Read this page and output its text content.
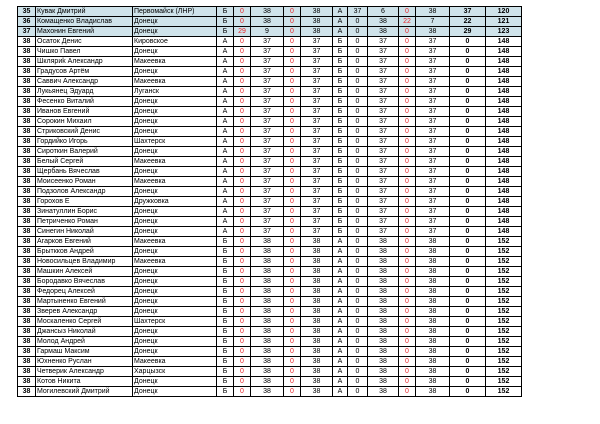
35	Кувак Дмитрий	Первомайск (ЛНР)	Б	0	38	0	38	А	37	6	0	38	37	120
36	Комащенко Владислав	Донецк	Б	0	38	0	38	А	0	38	22	7	22	121
37	Махонин Евгений	Донецк	Б	29	9	0	38	А	0	38	0	38	29	123
38	Осаток Денис	Кировское	А	0	37	0	37	Б	0	37	0	37	0	148
38	Чишко Павел	Донецк	А	0	37	0	37	Б	0	37	0	37	0	148
38	Шкляриk Александр	Макеевка	А	0	37	0	37	Б	0	37	0	37	0	148
38	Градусов Артём	Донецк	А	0	37	0	37	Б	0	37	0	37	0	148
38	Саввич Александр	Макеевка	А	0	37	0	37	Б	0	37	0	37	0	148
38	Лукьянец Эдуард	Луганск	А	0	37	0	37	Б	0	37	0	37	0	148
38	Фесенко Виталий	Донецк	А	0	37	0	37	Б	0	37	0	37	0	148
38	Иванов Евгений	Донецк	А	0	37	0	37	Б	0	37	0	37	0	148
38	Сорокин Михаил	Донецк	А	0	37	0	37	Б	0	37	0	37	0	148
38	Стриковский Денис	Донецк	А	0	37	0	37	Б	0	37	0	37	0	148
38	Гордийко Игорь	Шахтерск	А	0	37	0	37	Б	0	37	0	37	0	148
38	Сироткин Валерий	Донецк	А	0	37	0	37	Б	0	37	0	37	0	148
38	Белый Сергей	Макеевка	А	0	37	0	37	Б	0	37	0	37	0	148
38	Щербань Вячеслав	Донецк	А	0	37	0	37	Б	0	37	0	37	0	148
38	Моисеенко Роман	Макеевка	А	0	37	0	37	Б	0	37	0	37	0	148
38	Подзолов Александр	Донецк	А	0	37	0	37	Б	0	37	0	37	0	148
38	Горохов Е	Дружковка	А	0	37	0	37	Б	0	37	0	37	0	148
38	Зинатуллин Борис	Донецк	А	0	37	0	37	Б	0	37	0	37	0	148
38	Петриченко Роман	Донецк	А	0	37	0	37	Б	0	37	0	37	0	148
38	Синегин Николай	Донецк	А	0	37	0	37	Б	0	37	0	37	0	148
38	Агарков Евгений	Макеевка	Б	0	38	0	38	А	0	38	0	38	0	152
38	Брыткков Андрей	Донецк	Б	0	38	0	38	А	0	38	0	38	0	152
38	Новосильцев Владимир	Макеевка	Б	0	38	0	38	А	0	38	0	38	0	152
38	Машкин Алексей	Донецк	Б	0	38	0	38	А	0	38	0	38	0	152
38	Бородавко Вячеслав	Донецк	Б	0	38	0	38	А	0	38	0	38	0	152
38	Федорец Алексей	Донецк	Б	0	38	0	38	А	0	38	0	38	0	152
38	Мартыненко Евгений	Донецк	Б	0	38	0	38	А	0	38	0	38	0	152
38	Зверев Александр	Донецк	Б	0	38	0	38	А	0	38	0	38	0	152
38	Москаленко Сергей	Шахтерск	Б	0	38	0	38	А	0	38	0	38	0	152
38	Джансыз Николай	Донецк	Б	0	38	0	38	А	0	38	0	38	0	152
38	Молод Андрей	Донецк	Б	0	38	0	38	А	0	38	0	38	0	152
38	Гармаш Максим	Донецк	Б	0	38	0	38	А	0	38	0	38	0	152
38	Юхненко Руслан	Макеевка	Б	0	38	0	38	А	0	38	0	38	0	152
38	Четверик Александр	Харцызск	Б	0	38	0	38	А	0	38	0	38	0	152
38	Котов Никита	Донецк	Б	0	38	0	38	А	0	38	0	38	0	152
38	Могилевский Дмитрий	Донецк	Б	0	38	0	38	А	0	38	0	38	0	152
